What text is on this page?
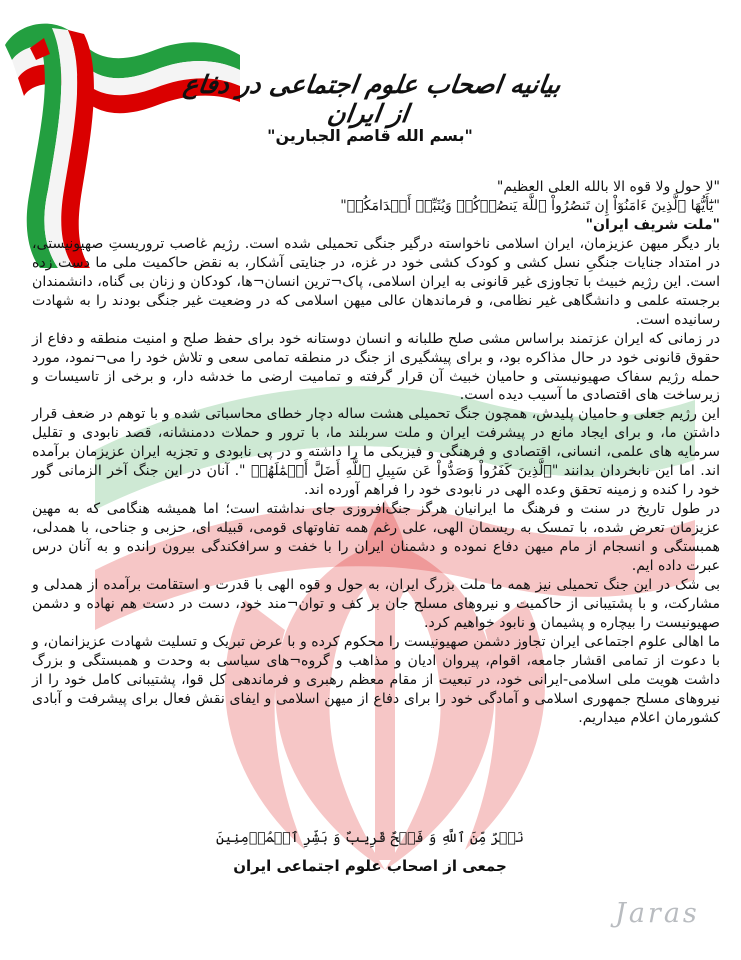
بیانیه اصحاب علوم اجتماعی در دفاع از ایران
"بسم الله قاصم الجبارین"

"لا حول ولا قوه الا بالله العلی العظیم"

"يَٰٓأَيُّهَا ٱلَّذِينَ ءَامَنُوٓاْ إِن تَنصُرُواْ ٱللَّهَ يَنصُرۡكُمۡ وَيُثَبِّتۡ أَقۡدَامَكُمۡ"

"ملت شریف ایران"

بار دیگر میهن عزیزمان، ایران اسلامی ناخواسته درگیر جنگی تحمیلی شده است. رژیم غاصب تروریستِ صهیونیستی، در امتداد جنایات جنگیِ نسل کشی و کودک کشی خود در غزه، در جنایتی آشکار، به نقض حاکمیت ملی ما دست زده است. این رژیم خبیث با تجاوزی غیر قانونی به ایران اسلامی، پاک¬ترین انسان¬ها، کودکان و زنان بی گناه، دانشمندان برجسته علمی و دانشگاهی غیر نظامی، و فرماندهان عالی میهن اسلامی که در وضعیت غیر جنگی بودند را به شهادت رسانیده است.

در زمانی که ایران عزتمند براساس مشی صلح طلبانه و انسان دوستانه خود برای حفظ صلح و امنیت منطقه و دفاع از حقوق قانونی خود در حال مذاکره بود، و برای پیشگیری از جنگ در منطقه تمامی سعی و تلاش خود را می¬نمود، مورد حمله رژیم سفاک صهیونیستی و حامیان خبیث آن قرار گرفته و تمامیت ارضی ما خدشه دار، و برخی از تاسیسات و زیرساخت های اقتصادی ما آسیب دیده است.

این رژیم جعلی و حامیان پلیدش، همچون جنگ تحمیلی هشت ساله دچار خطای محاسباتی شده و با توهم در ضعف قرار داشتن ما، و برای ایجاد مانع در پیشرفت ایران و ملت سربلند ما، با ترور و حملات ددمنشانه، قصد نابودی و تقلیل سرمایه های علمی، انسانی، اقتصادی و فرهنگی و فیزیکی ما را داشته و در پی نابودی و تجزیه ایران عزیزمان برآمده اند. اما این نابخردان بدانند "ٱلَّذِينَ كَفَرُواْ وَصَدُّواْ عَن سَبِيلِ ٱللَّهِ أَضَلَّ أَعۡمَٰلَهُمۡ ". آنان در این جنگ آخر الزمانی گور خود را کنده و زمینه تحقق وعده الهی در نابودی خود را فراهم آورده اند.

در طول تاریخ در سنت و فرهنگ ما ایرانیان هرگز جنگ‌افروزی جای نداشته است؛ اما همیشه هنگامی که به مهین عزیزمان تعرض شده، با تمسک به ریسمان الهی، علی رغم همه تفاوتهای قومی، قبیله ای، حزبی و جناحی، با همدلی، همبستگی و انسجام از مام میهن دفاع نموده و دشمنان ایران را با خفت و سرافکندگی بیرون رانده و به آنان درس عبرت داده ایم.

بی شک در این جنگ تحمیلی نیز همه ما ملت بزرگ ایران، به حول و قوه الهی با قدرت و استقامت برآمده از همدلی و مشارکت، و با پشتیبانی از حاکمیت و نیروهای مسلح جان بر کف و توان¬مند خود، دست در دست هم نهاده و دشمن صهیونیست را بیچاره و پشیمان و نابود خواهیم کرد.

ما اهالی علوم اجتماعی ایران تجاوز دشمن صهیونیست را محکوم کرده و با عرض تبریک و تسلیت شهادت عزیزانمان، و با دعوت از تمامی اقشار جامعه، اقوام، پیروان ادیان و مذاهب و گروه¬های سیاسی به وحدت و همبستگی و بزرگ داشت هویت ملی اسلامی-ایرانی خود، در تبعیت از مقام معظم رهبری و فرماندهی کل قوا، پشتیبانی کامل خود را از نیروهای مسلح جمهوری اسلامی و آمادگی خود را برای دفاع از میهن اسلامی و ایفای نقش فعال برای پیشرفت و آبادی کشورمان اعلام میداریم.

نَصۡرٌ مِّنَ ٱللَّهِ وَ فَتۡحٌ قَرِيبٌ وَ بَشِّرِ ٱلۡمُؤۡمِنِينَ
جمعی از اصحاب علوم اجتماعی ایران
Jaras
